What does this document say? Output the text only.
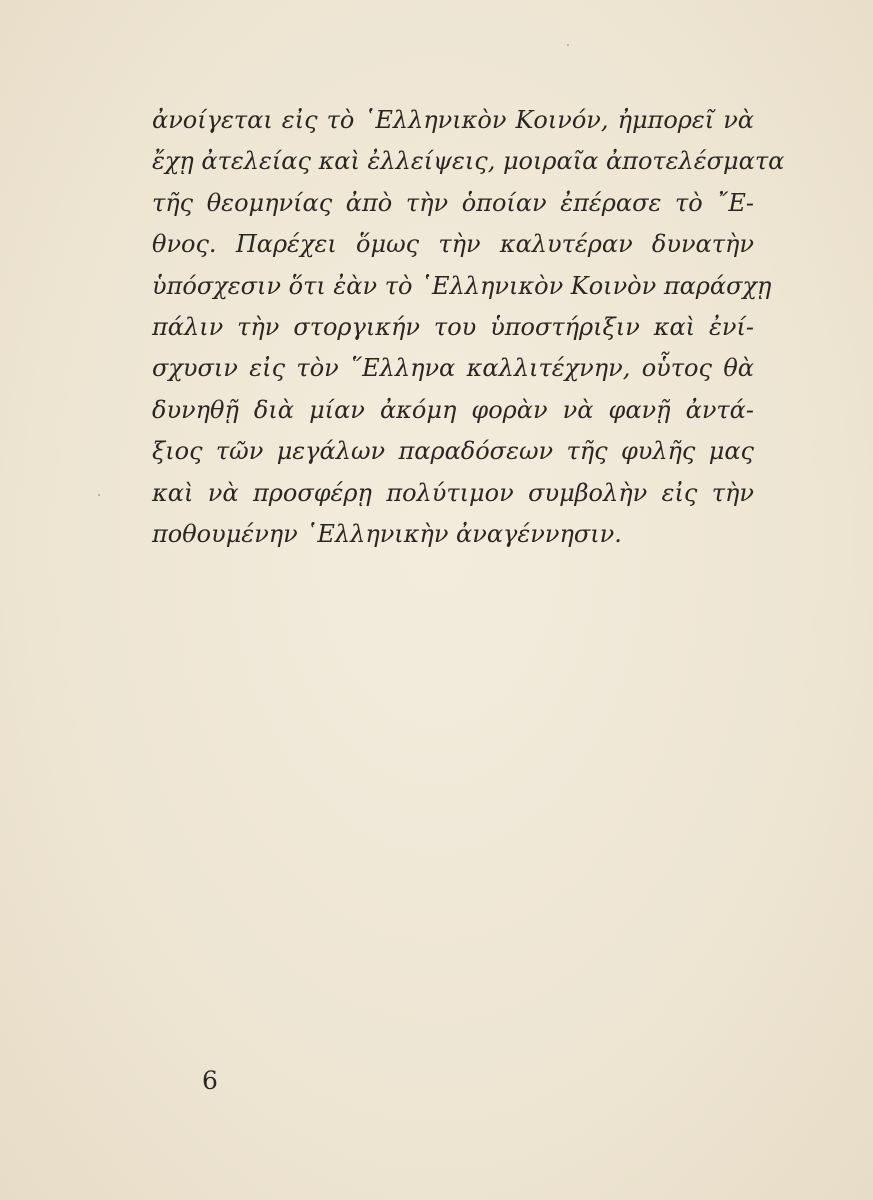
ἀνοίγεται εἰς τὸ ῾Ελληνικὸν Κοινόν, ἠμπορεῖ νὰ
ἔχῃ ἀτελείας καὶ ἐλλείψεις, μοιραῖα ἀποτελέσματα
τῆς θεομηνίας ἀπὸ τὴν ὁποίαν ἐπέρασε τὸ ῎Ε-
θνος. Παρέχει ὅμως τὴν καλυτέραν δυνατὴν
ὑπόσχεσιν ὅτι ἐὰν τὸ ῾Ελληνικὸν Κοινὸν παράσχῃ
πάλιν τὴν στοργικήν του ὑποστήριξιν καὶ ἐνί-
σχυσιν εἰς τὸν ῞Ελληνα καλλιτέχνην, οὗτος θὰ
δυνηθῇ διὰ μίαν ἀκόμη φορὰν νὰ φανῇ ἀντά-
ξιος τῶν μεγάλων παραδόσεων τῆς φυλῆς μας
καὶ νὰ προσφέρῃ πολύτιμον συμβολὴν εἰς τὴν
ποθουμένην ῾Ελληνικὴν ἀναγέννησιν.
6
